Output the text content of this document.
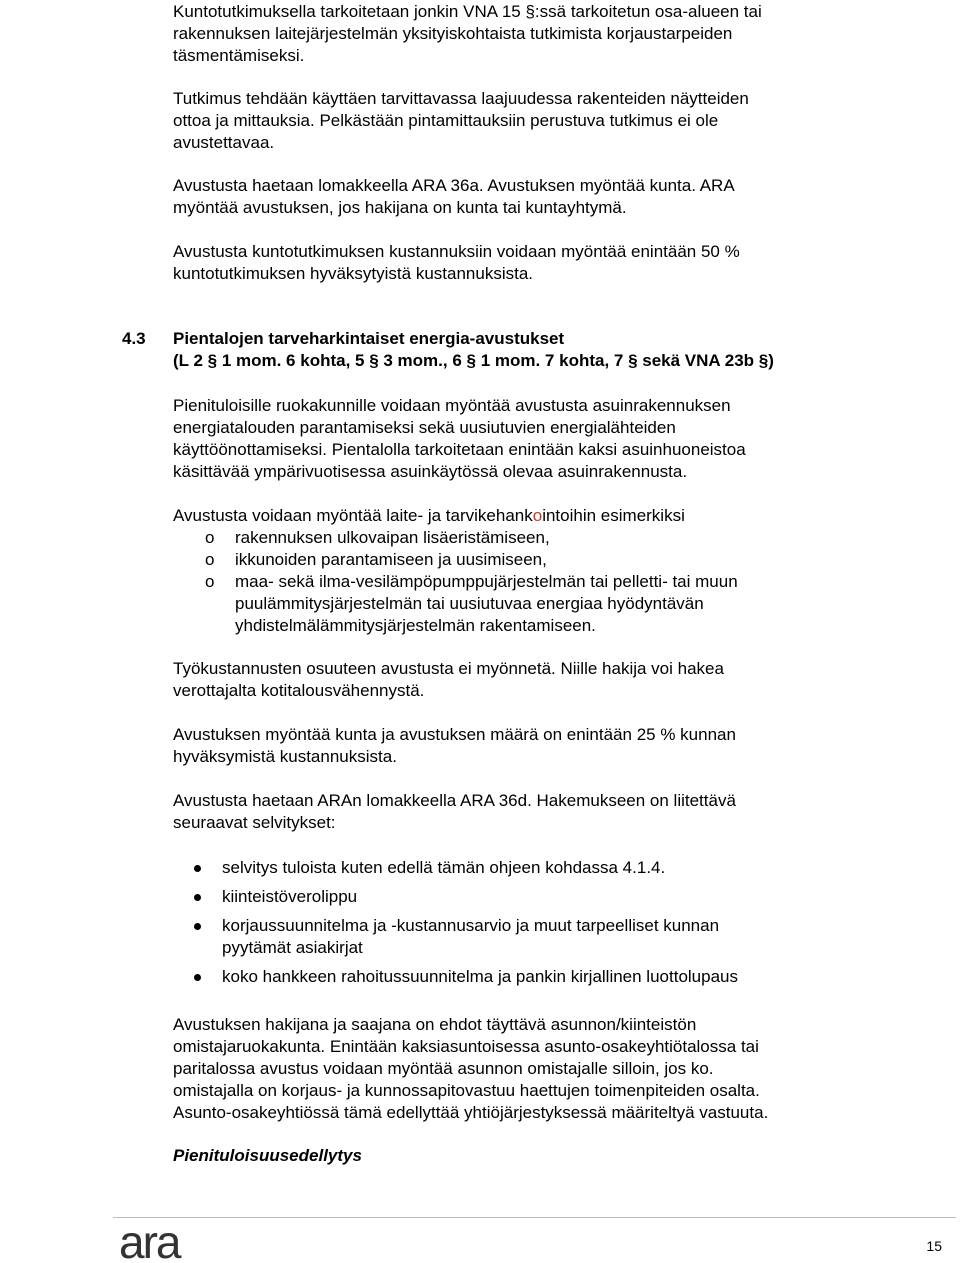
Kuntotutkimuksella tarkoitetaan jonkin VNA 15 §:ssä tarkoitetun osa-alueen tai
rakennuksen laitejärjestelmän yksityiskohtaista tutkimista korjaustarpeiden
täsmentämiseksi.

Tutkimus tehdään käyttäen tarvittavassa laajuudessa rakenteiden näytteiden
ottoa ja mittauksia. Pelkästään pintamittauksiin perustuva tutkimus ei ole
avustettavaa.

Avustusta haetaan lomakkeella ARA 36a. Avustuksen myöntää kunta. ARA
myöntää avustuksen, jos hakijana on kunta tai kuntayhtymä.

Avustusta kuntotutkimuksen kustannuksiin voidaan myöntää enintään 50 %
kuntotutkimuksen hyväksytyistä kustannuksista.

4.3 Pientalojen tarveharkintaiset energia-avustukset
(L 2 § 1 mom. 6 kohta, 5 § 3 mom., 6 § 1 mom. 7 kohta, 7 § sekä VNA 23b §)

Pienituloisille ruokakunnille voidaan myöntää avustusta asuinrakennuksen
energiatalouden parantamiseksi sekä uusiutuvien energialähteiden
käyttöönottamiseksi. Pientalolla tarkoitetaan enintään kaksi asuinhuoneistoa
käsittävää ympärivuotisessa asuinkäytössä olevaa asuinrakennusta.

Avustusta voidaan myöntää laite- ja tarvikehankointoihin esimerkiksi

o rakennuksen ulkovaipan lisäeristämiseen,
o ikkunoiden parantamiseen ja uusimiseen,
o maa- sekä ilma-vesilämpöpumppujärjestelmän tai pelletti- tai muun
puulämmitysjärjestelmän tai uusiutuvaa energiaa hyödyntävän
yhdistelmälämmitysjärjestelmän rakentamiseen.

Työkustannusten osuuteen avustusta ei myönnetä. Niille hakija voi hakea
verottajalta kotitalousvähennystä.

Avustuksen myöntää kunta ja avustuksen määrä on enintään 25 % kunnan
hyväksymistä kustannuksista.

Avustusta haetaan ARAn lomakkeella ARA 36d. Hakemukseen on liitettävä
seuraavat selvitykset:

selvitys tuloista kuten edellä tämän ohjeen kohdassa 4.1.4.
kiinteistöverolippu
korjaussuunnitelma ja -kustannusarvio ja muut tarpeelliset kunnan
pyytämät asiakirjat
koko hankkeen rahoitussuunnitelma ja pankin kirjallinen luottolupaus

Avustuksen hakijana ja saajana on ehdot täyttävä asunnon/kiinteistön
omistajaruokakunta. Enintään kaksiasuntoisessa asunto-osakeyhtiötalossa tai
paritalossa avustus voidaan myöntää asunnon omistajalle silloin, jos ko.
omistajalla on korjaus- ja kunnossapitovastuu haettujen toimenpiteiden osalta.
Asunto-osakeyhtiössä tämä edellyttää yhtiöjärjestyksessä määriteltyä vastuuta.

Pienituloisuusedellytys

ara	15
